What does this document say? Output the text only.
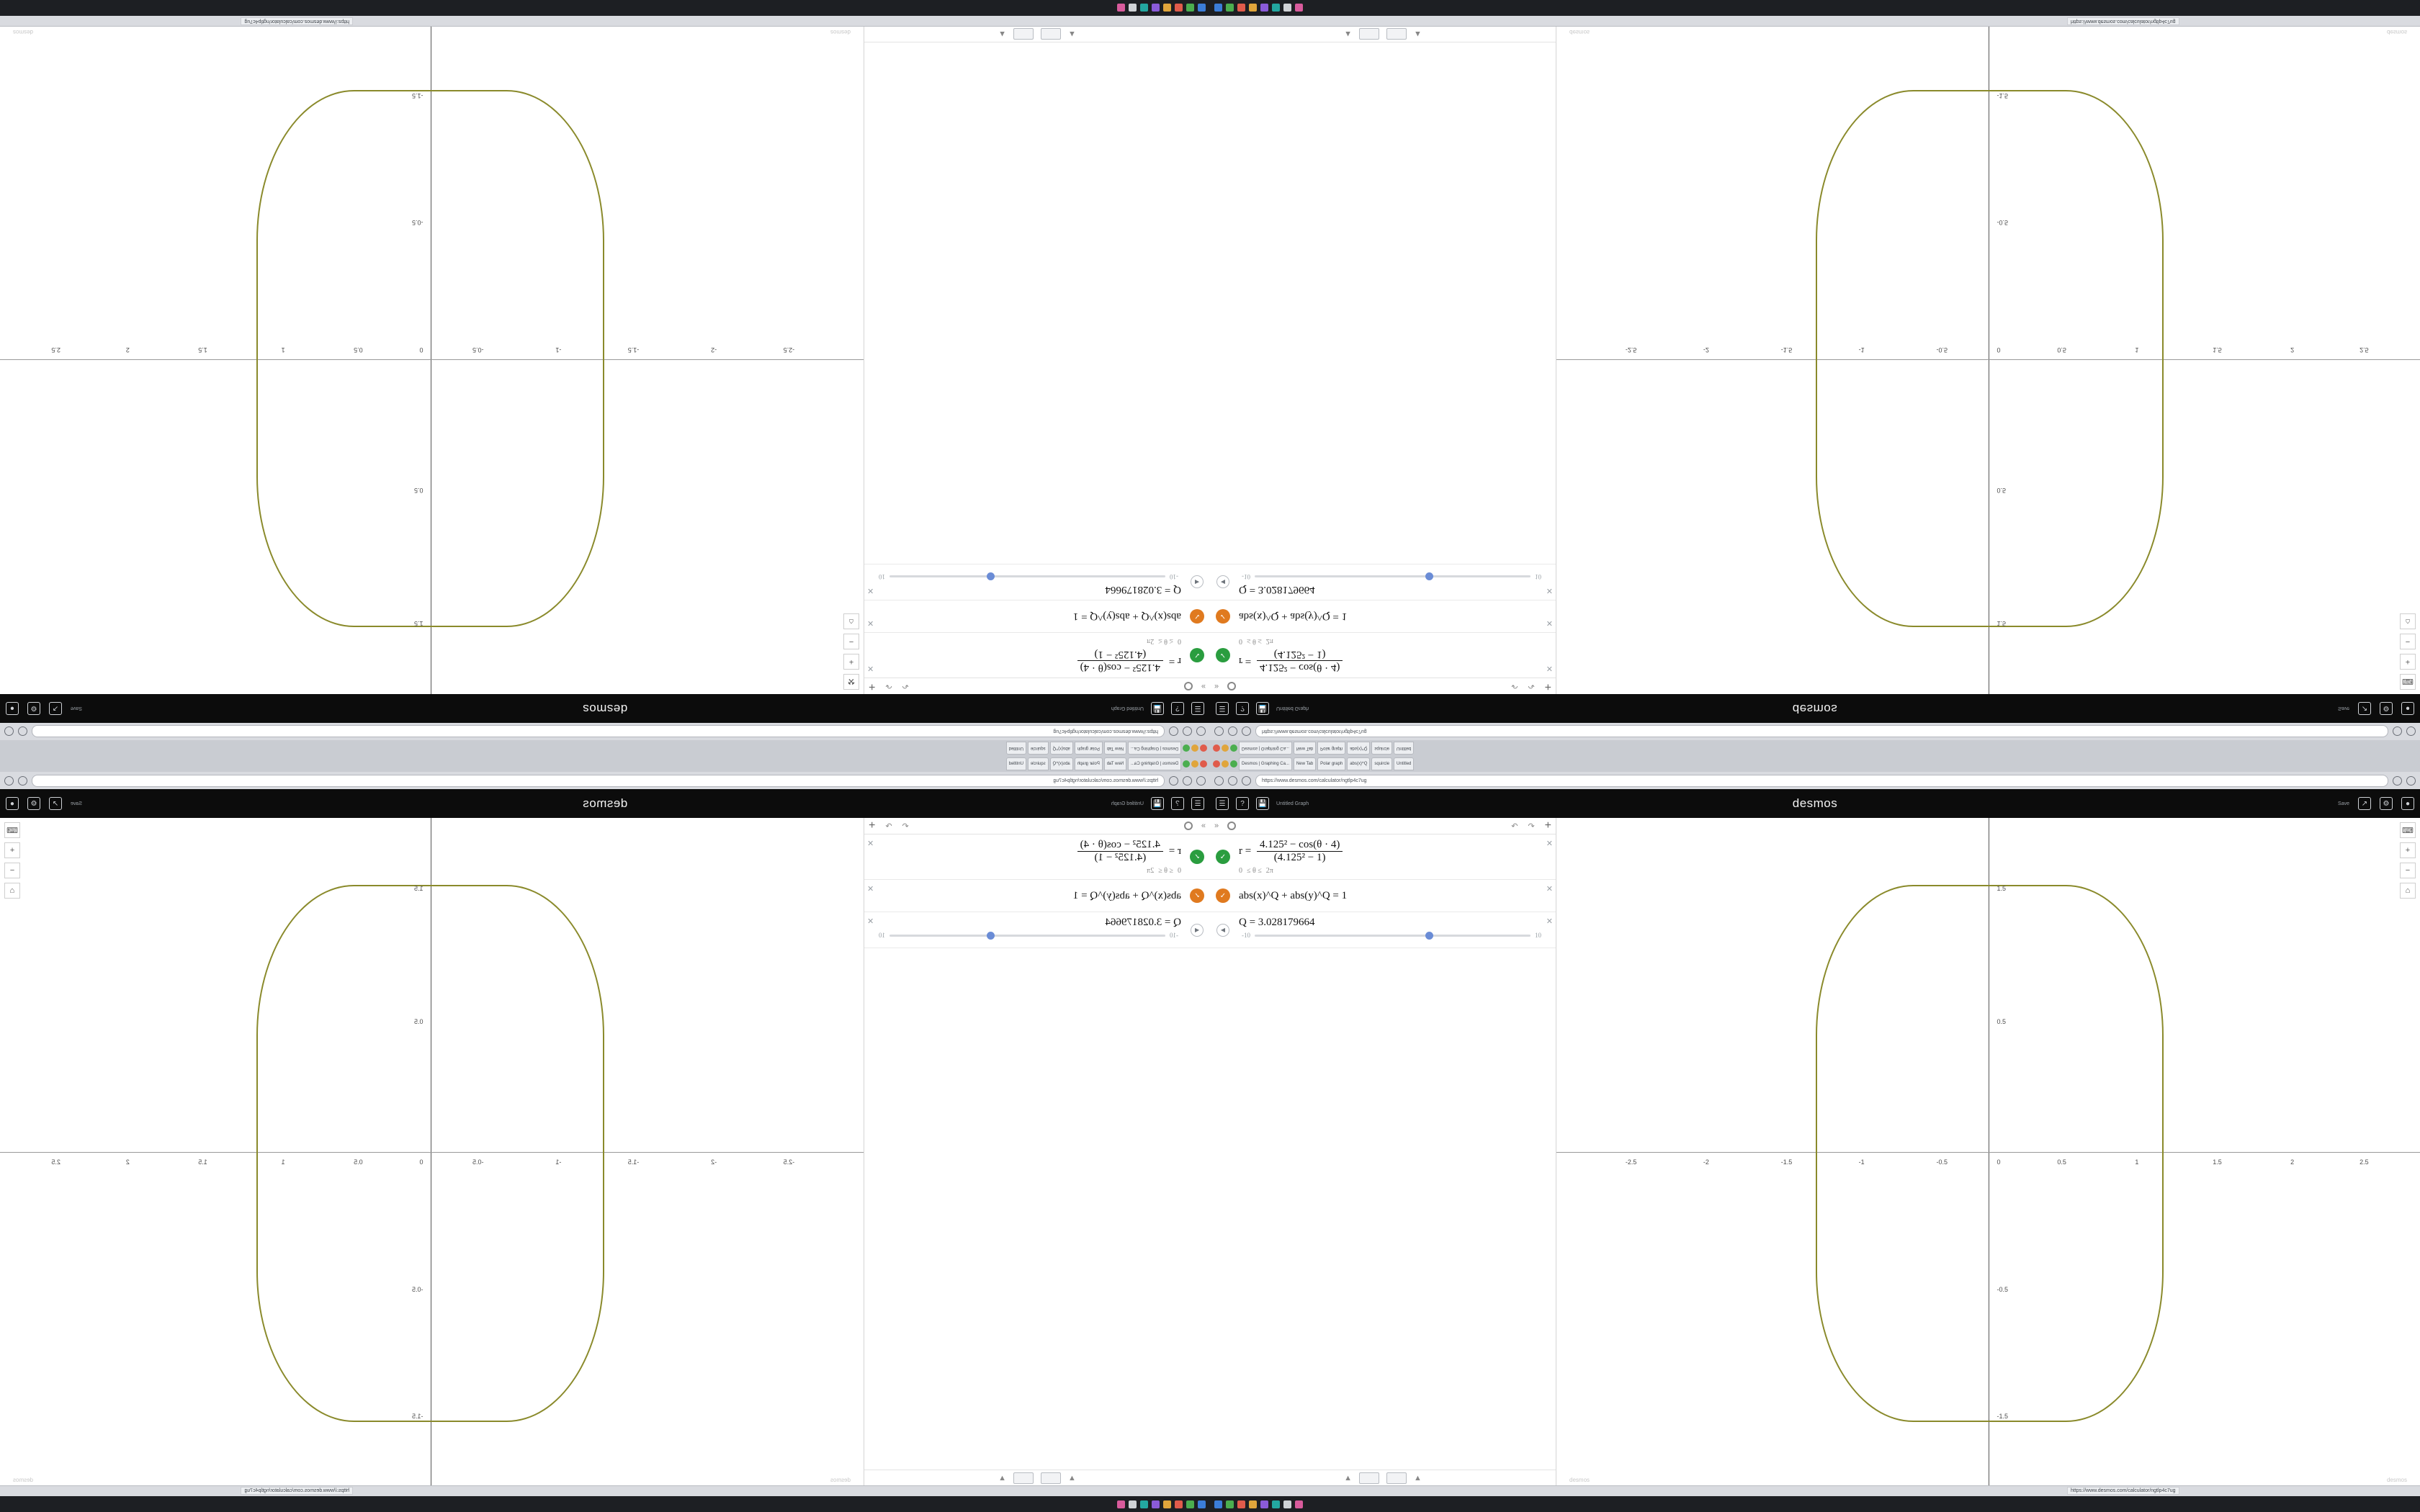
Desmos | Graphing Ca...
New Tab
Polar graph
abs(x)^Q
squircle
Untitled
https://www.desmos.com/calculator/ngtlp4c7ug
☰
?
💾
Untitled Graph
desmos
Save
↗
⚙
●
»
↶
↷
+
✓
r =
4.125² − cos(θ · 4)
(4.125² − 1)
0
≤ θ ≤
2π
✕
✓
abs(x)^Q + abs(y)^Q = 1
✕
◀
Q = 3.028179664
-10
10
✕
▲
▲
-2.5
-2
-1.5
-1
-0.5
0
0.5
1
1.5
2
2.5
1.5
0.5
-0.5
-1.5
⚒
+
−
⌂
desmos
desmos
https://www.desmos.com/calculator/ngtlp4c7ug
Desmos | Graphing Ca...	New Tab	Polar graph	abs(x)^Q	squircle	Untitled
https://www.desmos.com/calculator/ngtlp4c7ug
☰	?	💾	Untitled Graph	desmos	Save	↗	⚙	●
»	↶ ↷ +
✓
r =
4.125² − cos(θ · 4)
(4.125² − 1)
0 ≤ θ ≤ 2π
✕
✓	abs(x)^Q + abs(y)^Q = 1
✕
◀
Q = 3.028179664
-10	10
✕
▲	▲
-2.5	-2	-1.5	-1	-0.5	0	0.5	1	1.5	2	2.5
1.5
0.5
-0.5
-1.5
⌨
+
−
⌂
desmos	desmos
https://www.desmos.com/calculator/ngtlp4c7ug
Desmos | Graphing Ca...
New Tab
Polar graph
abs(x)^Q
squircle
Untitled
https://www.desmos.com/calculator/ngtlp4c7ug
☰
?
💾
Untitled Graph
desmos
Save
↗
⚙
●
»
↶
↷
+
✓
r =
$\frac{\text{4.125² − cos(θ · 4)}}{\text{(4.125² − 1)}}$
0
≤ θ ≤
2π
✕
✓
abs(x)^Q + abs(y)^Q = 1
✕
◀
Q = 3.028179664
-10
10
✕
▲
▲
-2.5
-2
-1.5
-1
-0.5
0
0.5
1
1.5
2
2.5
1.5
0.5
-0.5
-1.5
⌨
+
−
⌂
desmos
desmos
https://www.desmos.com/calculator/ngtlp4c7ug
Desmos | Graphing Ca...	New Tab	Polar graph	abs(x)^Q	squircle	Untitled
https://www.desmos.com/calculator/ngtlp4c7ug
☰	?	💾	Untitled Graph	desmos	Save	↗	⚙	●
»	↶ ↷ +
✓
$r = \frac{\text{4.125² − cos(θ · 4)}}{\text{(4.125² − 1)}}$
0 ≤ θ ≤ 2π
✕
✓	abs(x)^Q + abs(y)^Q = 1
✕
◀
Q = 3.028179664
-10	10
✕
▲	▲
-2.5	-2	-1.5	-1	-0.5	0	0.5	1	1.5	2	2.5
1.5
0.5
-0.5
-1.5
⌨
+
−
⌂
desmos	desmos
https://www.desmos.com/calculator/ngtlp4c7ug
